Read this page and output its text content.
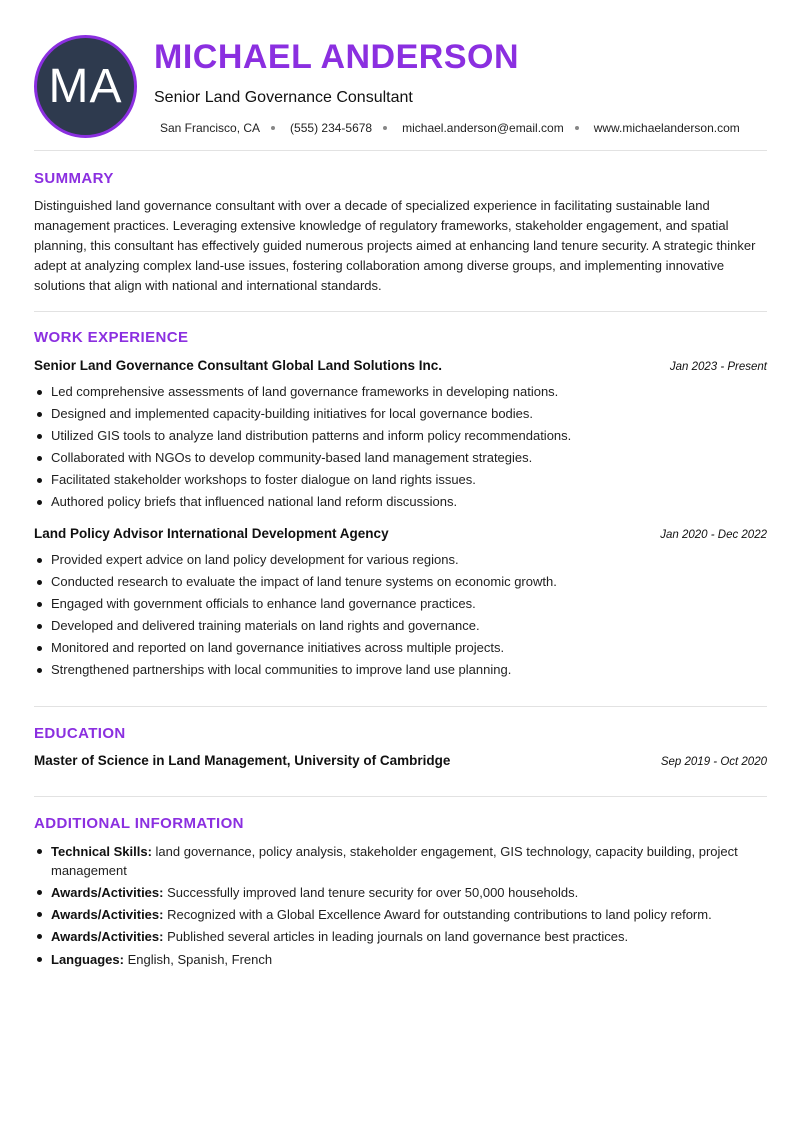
MA
MICHAEL ANDERSON
Senior Land Governance Consultant
San Francisco, CA	(555) 234-5678	michael.anderson@email.com	www.michaelanderson.com
SUMMARY

Distinguished land governance consultant with over a decade of specialized experience in facilitating sustainable land management practices. Leveraging extensive knowledge of regulatory frameworks, stakeholder engagement, and spatial planning, this consultant has effectively guided numerous projects aimed at enhancing land tenure security. A strategic thinker adept at analyzing complex land-use issues, fostering collaboration among diverse groups, and implementing innovative solutions that align with national and international standards.

WORK EXPERIENCE
Senior Land Governance Consultant Global Land Solutions Inc.	Jan 2023 - Present
Led comprehensive assessments of land governance frameworks in developing nations.
Designed and implemented capacity-building initiatives for local governance bodies.
Utilized GIS tools to analyze land distribution patterns and inform policy recommendations.
Collaborated with NGOs to develop community-based land management strategies.
Facilitated stakeholder workshops to foster dialogue on land rights issues.
Authored policy briefs that influenced national land reform discussions.
Land Policy Advisor International Development Agency	Jan 2020 - Dec 2022
Provided expert advice on land policy development for various regions.
Conducted research to evaluate the impact of land tenure systems on economic growth.
Engaged with government officials to enhance land governance practices.
Developed and delivered training materials on land rights and governance.
Monitored and reported on land governance initiatives across multiple projects.
Strengthened partnerships with local communities to improve land use planning.
EDUCATION
Master of Science in Land Management, University of Cambridge	Sep 2019 - Oct 2020
ADDITIONAL INFORMATION
Technical Skills: land governance, policy analysis, stakeholder engagement, GIS technology, capacity building, project management
Awards/Activities: Successfully improved land tenure security for over 50,000 households.
Awards/Activities: Recognized with a Global Excellence Award for outstanding contributions to land policy reform.
Awards/Activities: Published several articles in leading journals on land governance best practices.
Languages: English, Spanish, French
